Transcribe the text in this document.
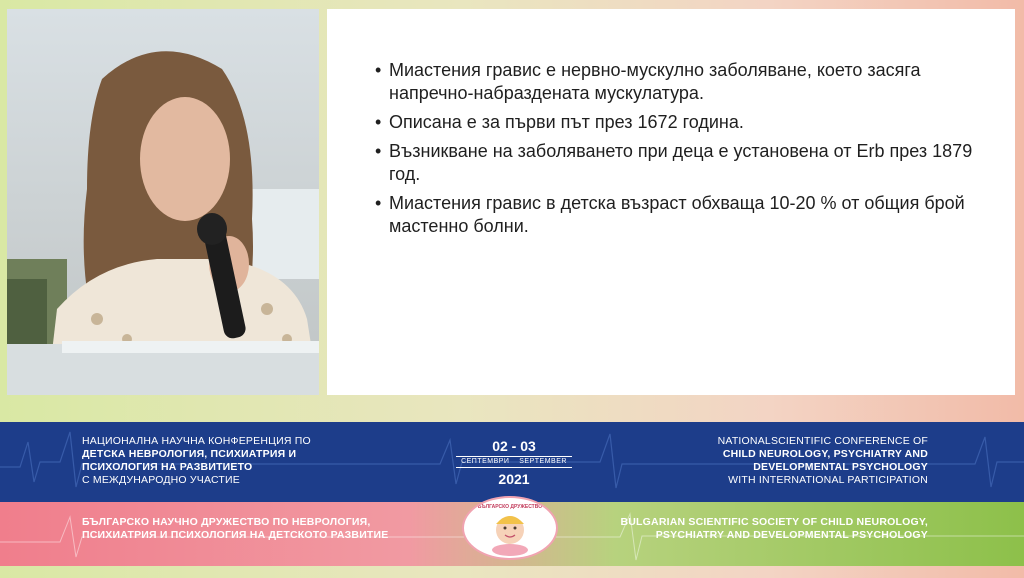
• Миастения гравис е нервно-мускулно заболяване, което засяга напречно-набраздената мускулатура.
• Описана е за първи път през 1672 година.
• Възникване на заболяването при деца е установена от Erb през 1879 год.
• Миастения гравис в детска възраст обхваща 10-20 % от общия брой мастенно болни.
НАЦИОНАЛНА НАУЧНА КОНФЕРЕНЦИЯ ПО
ДЕТСКА НЕВРОЛОГИЯ, ПСИХИАТРИЯ И
ПСИХОЛОГИЯ НА РАЗВИТИЕТО
С МЕЖДУНАРОДНО УЧАСТИЕ
02 - 03
СЕПТЕМВРИ SEPTEMBER
2021
NATIONALSCIENTIFIC CONFERENCE OF
CHILD NEUROLOGY, PSYCHIATRY AND
DEVELOPMENTAL PSYCHOLOGY
WITH INTERNATIONAL PARTICIPATION
БЪЛГАРСКО НАУЧНО ДРУЖЕСТВО ПО НЕВРОЛОГИЯ,
ПСИХИАТРИЯ И ПСИХОЛОГИЯ НА ДЕТСКОТО РАЗВИТИЕ
БЪЛГАРСКО ДРУЖЕСТВО
BULGARIAN SCIENTIFIC SOCIETY OF CHILD NEUROLOGY,
PSYCHIATRY AND DEVELOPMENTAL PSYCHOLOGY
